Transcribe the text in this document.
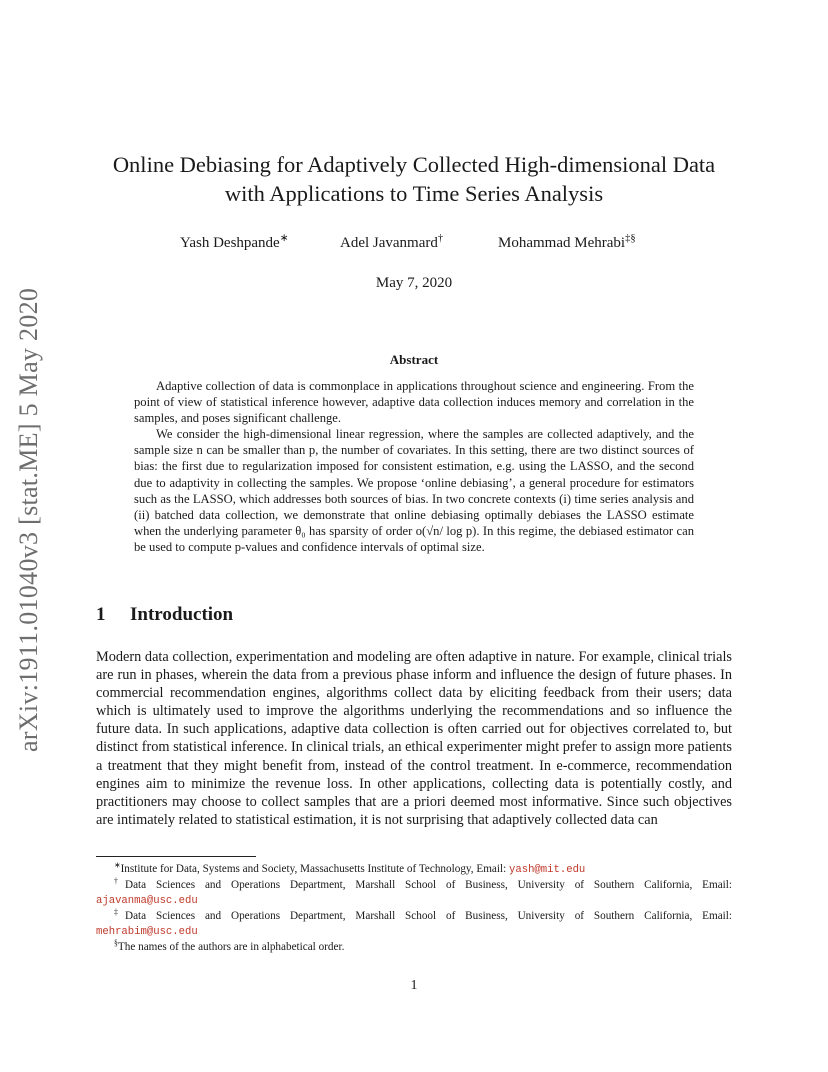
arXiv:1911.01040v3 [stat.ME] 5 May 2020
Online Debiasing for Adaptively Collected High-dimensional Data
with Applications to Time Series Analysis
Yash Deshpande∗	Adel Javanmard†	Mohammad Mehrabi‡§
May 7, 2020
Abstract

Adaptive collection of data is commonplace in applications throughout science and engineering. From the point of view of statistical inference however, adaptive data collection induces memory and correlation in the samples, and poses significant challenge.

We consider the high-dimensional linear regression, where the samples are collected adaptively, and the sample size n can be smaller than p, the number of covariates. In this setting, there are two distinct sources of bias: the first due to regularization imposed for consistent estimation, e.g. using the LASSO, and the second due to adaptivity in collecting the samples. We propose ‘online debiasing’, a general procedure for estimators such as the LASSO, which addresses both sources of bias. In two concrete contexts (i) time series analysis and (ii) batched data collection, we demonstrate that online debiasing optimally debiases the LASSO estimate when the underlying parameter θ₀ has sparsity of order o(√n/ log p). In this regime, the debiased estimator can be used to compute p-values and confidence intervals of optimal size.

1 Introduction

Modern data collection, experimentation and modeling are often adaptive in nature. For example, clinical trials are run in phases, wherein the data from a previous phase inform and influence the design of future phases. In commercial recommendation engines, algorithms collect data by eliciting feedback from their users; data which is ultimately used to improve the algorithms underlying the recommendations and so influence the future data. In such applications, adaptive data collection is often carried out for objectives correlated to, but distinct from statistical inference. In clinical trials, an ethical experimenter might prefer to assign more patients a treatment that they might benefit from, instead of the control treatment. In e-commerce, recommendation engines aim to minimize the revenue loss. In other applications, collecting data is potentially costly, and practitioners may choose to collect samples that are a priori deemed most informative. Since such objectives are intimately related to statistical estimation, it is not surprising that adaptively collected data can

∗Institute for Data, Systems and Society, Massachusetts Institute of Technology, Email: yash@mit.edu

†Data Sciences and Operations Department, Marshall School of Business, University of Southern California, Email: ajavanma@usc.edu

‡Data Sciences and Operations Department, Marshall School of Business, University of Southern California, Email: mehrabim@usc.edu

§The names of the authors are in alphabetical order.

1
